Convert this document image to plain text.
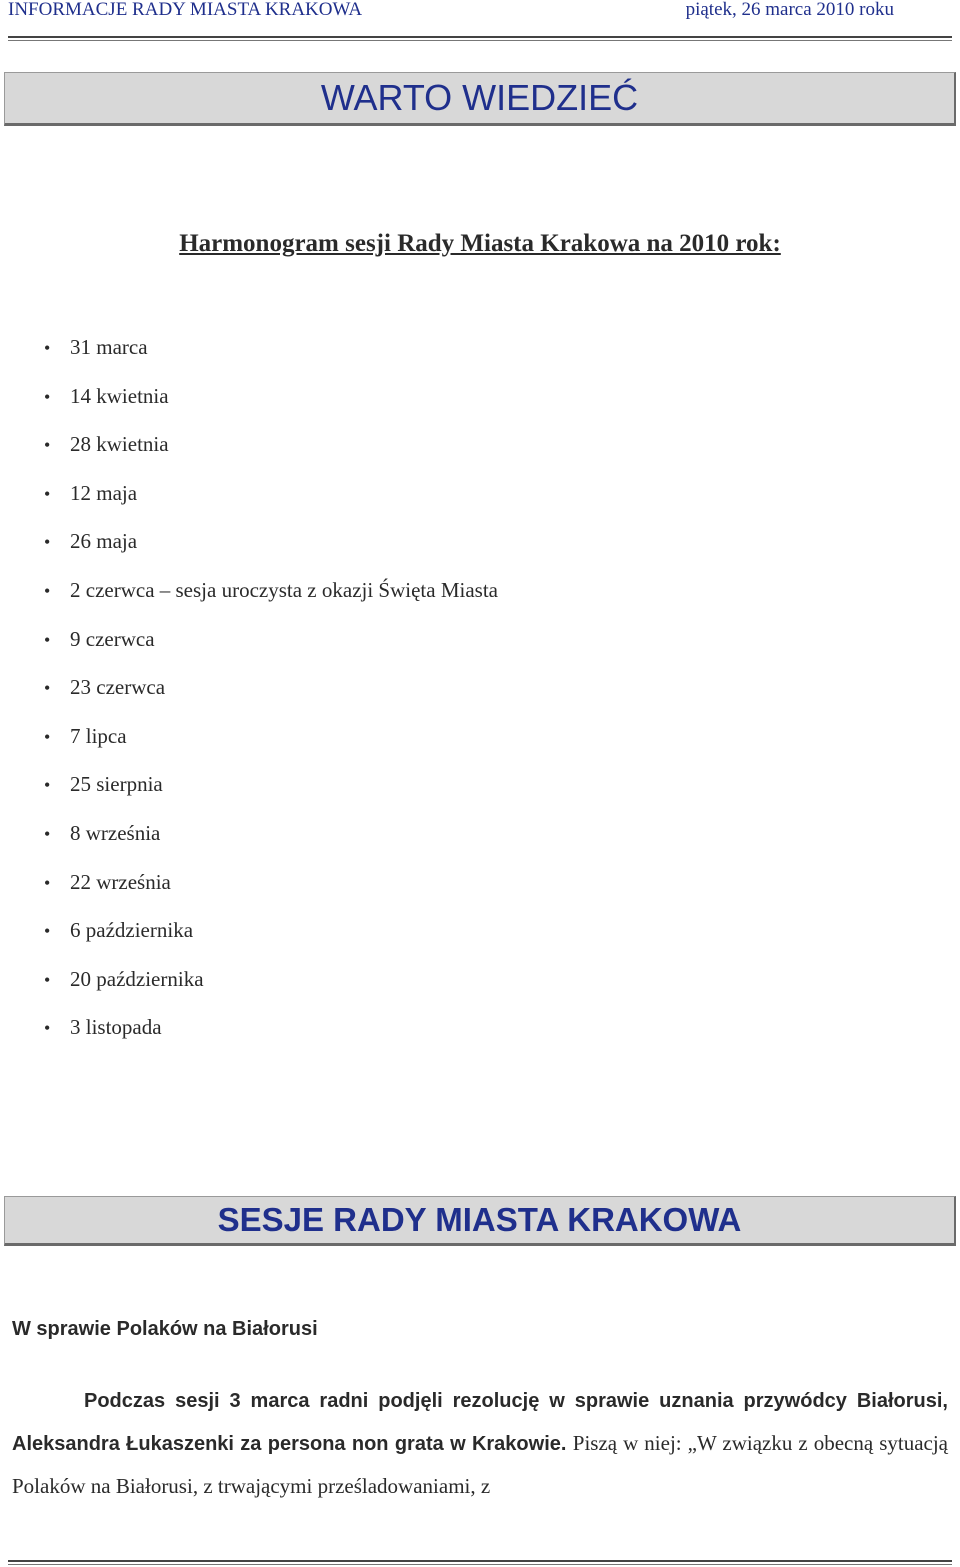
INFORMACJE RADY MIASTA KRAKOWA	piątek, 26 marca 2010 roku
WARTO WIEDZIEĆ
Harmonogram sesji Rady Miasta Krakowa na 2010 rok:
• 31 marca
• 14 kwietnia
• 28 kwietnia
• 12 maja
• 26 maja
• 2 czerwca – sesja uroczysta z okazji Święta Miasta
• 9 czerwca
• 23 czerwca
• 7 lipca
• 25 sierpnia
• 8 września
• 22 września
• 6 października
• 20 października
• 3 listopada
SESJE RADY MIASTA KRAKOWA
W sprawie Polaków na Białorusi
Podczas sesji 3 marca radni podjęli rezolucję w sprawie uznania przywódcy Białorusi, Aleksandra Łukaszenki za persona non grata w Krakowie. Piszą w niej: „W związku z obecną sytuacją Polaków na Białorusi, z trwającymi prześladowaniami, z
